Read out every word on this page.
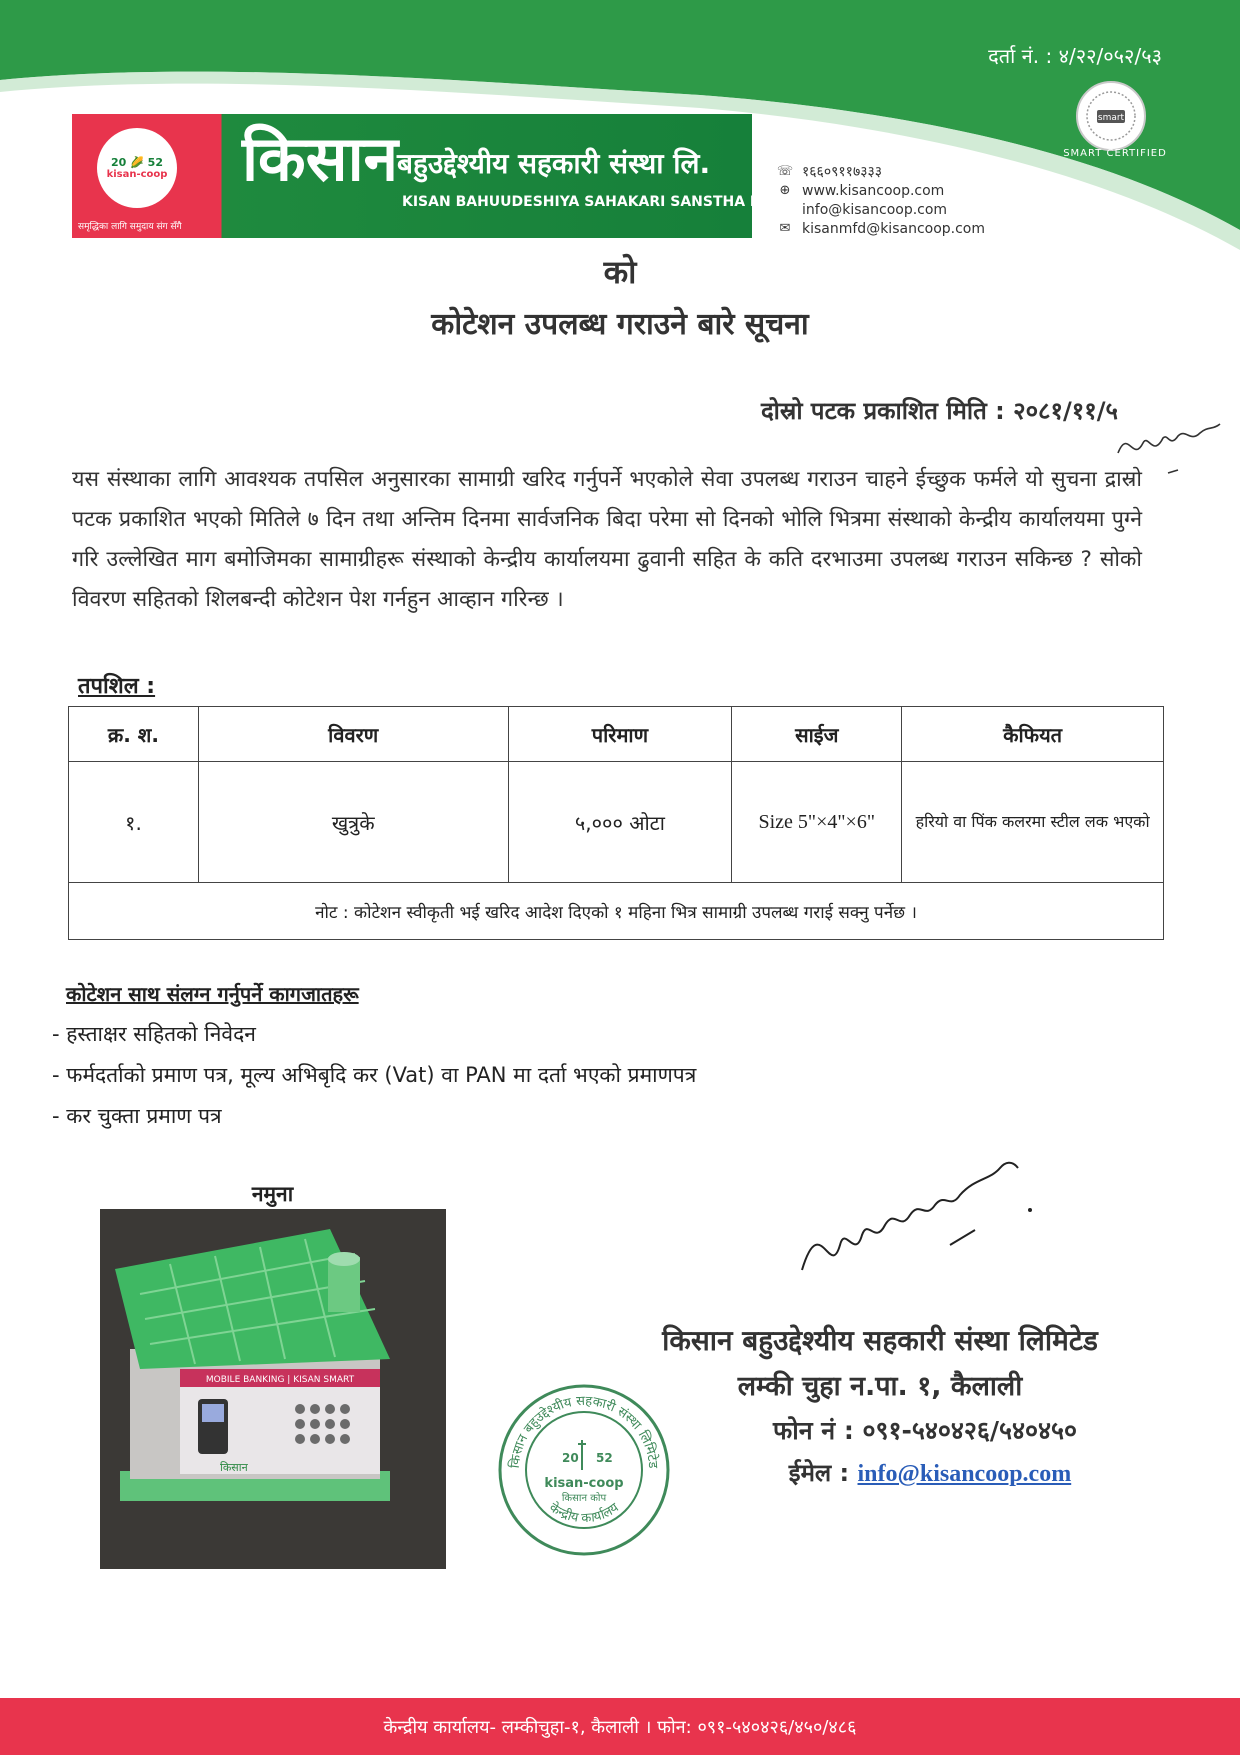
दर्ता नं. : ४/२२/०५२/५३
smart
SMART CERTIFIED
20 🌽 52
kisan-coop
समृद्धिका लागि समुदाय संग सँगै
किसान
बहुउद्देश्यीय सहकारी संस्था लि.
KISAN BAHUUDESHIYA SAHAKARI SANSTHA LTD.
☏ १६६०९११७३३३
⊕ www.kisancoop.com
info@kisancoop.com
✉ kisanmfd@kisancoop.com
को
कोटेशन उपलब्ध गराउने बारे सूचना
दोस्रो पटक प्रकाशित मिति : २०८१/११/५
यस संस्थाका लागि आवश्यक तपसिल अनुसारका सामाग्री खरिद गर्नुपर्ने भएकोले सेवा उपलब्ध गराउन चाहने ईच्छुक फर्मले यो सुचना द्रास्रो पटक प्रकाशित भएको मितिले ७ दिन तथा अन्तिम दिनमा सार्वजनिक बिदा परेमा सो दिनको भोलि भित्रमा संस्थाको केन्द्रीय कार्यालयमा पुग्ने गरि उल्लेखित माग बमोजिमका सामाग्रीहरू संस्थाको केन्द्रीय कार्यालयमा ढुवानी सहित के कति दरभाउमा उपलब्ध गराउन सकिन्छ ? सोको विवरण सहितको शिलबन्दी कोटेशन पेश गर्नहुन आव्हान गरिन्छ ।
तपशिल :
क्र. श.	विवरण	परिमाण	साईज	कैफियत
१.	खुत्रुके	५,००० ओटा	Size 5"×4"×6"	हरियो वा पिंक कलरमा स्टील लक भएको
नोट : कोटेशन स्वीकृती भई खरिद आदेश दिएको १ महिना भित्र सामाग्री उपलब्ध गराई सक्नु पर्नेछ ।				
कोटेशन साथ संलग्न गर्नुपर्ने कागजातहरू
- हस्ताक्षर सहितको निवेदन
- फर्मदर्ताको प्रमाण पत्र, मूल्य अभिबृदि कर (Vat) वा PAN मा दर्ता भएको प्रमाणपत्र
- कर चुक्ता प्रमाण पत्र
नमुना
MOBILE BANKING | KISAN SMART
किसान	किसान बहुउद्देश्यीय सहकारी संस्था लिमिटेड
केन्द्रीय कार्यालय
20 52
kisan-coop
किसान कोप
किसान बहुउद्देश्यीय सहकारी संस्था लिमिटेड
लम्की चुहा न.पा. १, कैलाली
फोन नं : ०९१-५४०४२६/५४०४५०
ईमेल : info@kisancoop.com
केन्द्रीय कार्यालय- लम्कीचुहा-१, कैलाली । फोन: ०९१-५४०४२६/४५०/४८६
